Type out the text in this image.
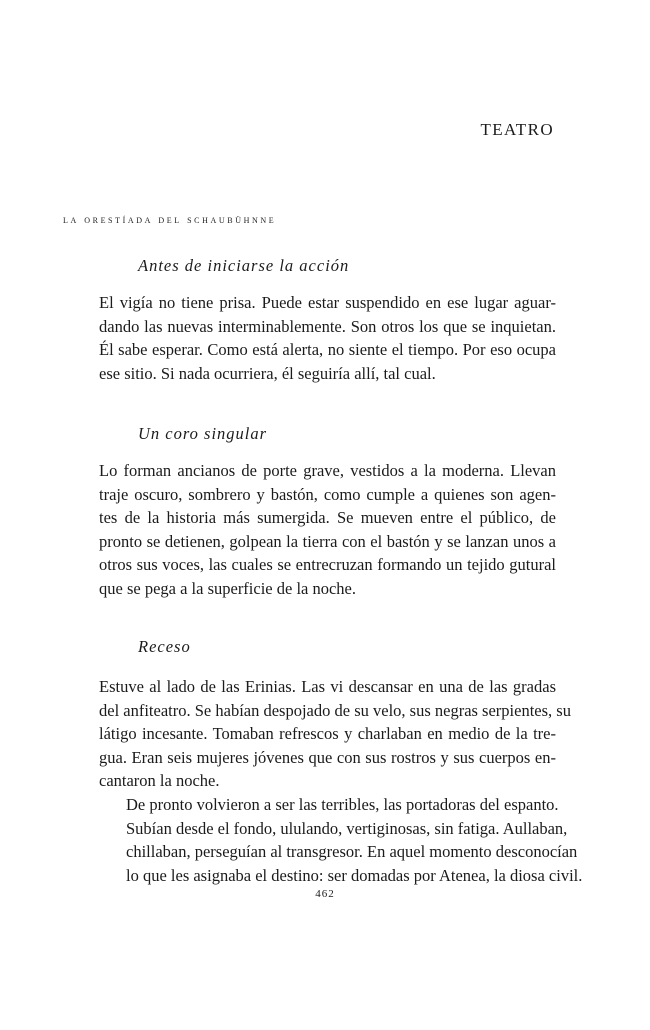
TEATRO
la orestíada del schaubühnne
Antes de iniciarse la acción

El vigía no tiene prisa. Puede estar suspendido en ese lugar aguar-
dando las nuevas interminablemente. Son otros los que se inquietan.
Él sabe esperar. Como está alerta, no siente el tiempo. Por eso ocupa
ese sitio. Si nada ocurriera, él seguiría allí, tal cual.

Un coro singular

Lo forman ancianos de porte grave, vestidos a la moderna. Llevan
traje oscuro, sombrero y bastón, como cumple a quienes son agen-
tes de la historia más sumergida. Se mueven entre el público, de
pronto se detienen, golpean la tierra con el bastón y se lanzan unos a
otros sus voces, las cuales se entrecruzan formando un tejido gutural
que se pega a la superficie de la noche.

Receso

Estuve al lado de las Erinias. Las vi descansar en una de las gradas
del anfiteatro. Se habían despojado de su velo, sus negras serpientes, su
látigo incesante. Tomaban refrescos y charlaban en medio de la tre-
gua. Eran seis mujeres jóvenes que con sus rostros y sus cuerpos en-
cantaron la noche.

De pronto volvieron a ser las terribles, las portadoras del espanto.
Subían desde el fondo, ululando, vertiginosas, sin fatiga. Aullaban,
chillaban, perseguían al transgresor. En aquel momento desconocían
lo que les asignaba el destino: ser domadas por Atenea, la diosa civil.

462
